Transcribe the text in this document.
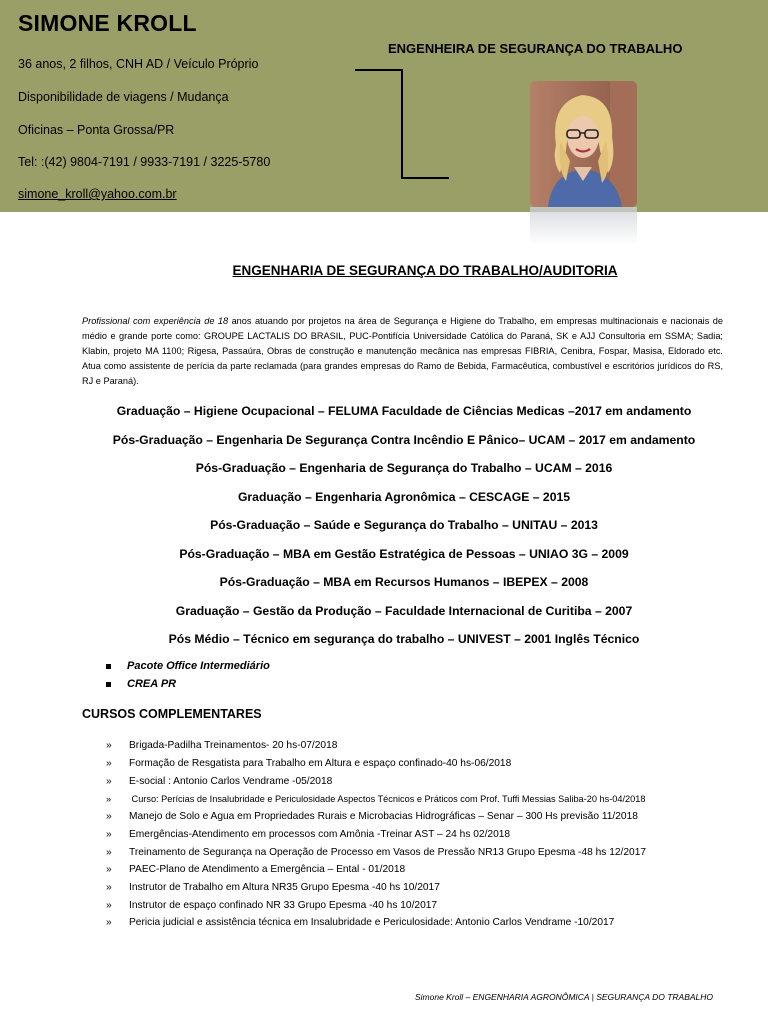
SIMONE KROLL
36 anos, 2 filhos, CNH AD / Veículo Próprio
Disponibilidade de viagens / Mudança
Oficinas – Ponta Grossa/PR
Tel: :(42) 9804-7191 / 9933-7191 / 3225-5780
simone_kroll@yahoo.com.br
ENGENHEIRA DE SEGURANÇA DO TRABALHO
ENGENHARIA DE SEGURANÇA DO TRABALHO/AUDITORIA
Profissional com experiência de 18 anos atuando por projetos na área de Segurança e Higiene do Trabalho, em empresas multinacionais e nacionais de médio e grande porte como: GROUPE LACTALIS DO BRASIL, PUC-Pontifícia Universidade Católica do Paraná, SK e AJJ Consultoria em SSMA; Sadia; Klabin, projeto MA 1100; Rigesa, Passaúra, Obras de construção e manutenção mecânica nas empresas FIBRIA, Cenibra, Fospar, Masisa, Eldorado etc. Atua como assistente de perícia da parte reclamada (para grandes empresas do Ramo de Bebida, Farmacêutica, combustível e escritórios jurídicos do RS, RJ e Paraná).
Graduação – Higiene Ocupacional – FELUMA Faculdade de Ciências Medicas –2017 em andamento
Pós-Graduação – Engenharia De Segurança Contra Incêndio E Pânico– UCAM – 2017 em andamento
Pós-Graduação – Engenharia de Segurança do Trabalho – UCAM – 2016
Graduação – Engenharia Agronômica – CESCAGE – 2015
Pós-Graduação – Saúde e Segurança do Trabalho – UNITAU – 2013
Pós-Graduação – MBA em Gestão Estratégica de Pessoas – UNIAO 3G – 2009
Pós-Graduação – MBA em Recursos Humanos – IBEPEX – 2008
Graduação – Gestão da Produção – Faculdade Internacional de Curitiba – 2007
Pós Médio – Técnico em segurança do trabalho – UNIVEST – 2001 Inglês Técnico
Pacote Office Intermediário
CREA PR
CURSOS COMPLEMENTARES
» Brigada-Padilha Treinamentos- 20 hs-07/2018
» Formação de Resgatista para Trabalho em Altura e espaço confinado-40 hs-06/2018
» E-social : Antonio Carlos Vendrame -05/2018
» Curso: Perícias de Insalubridade e Periculosidade Aspectos Técnicos e Práticos com Prof. Tuffi Messias Saliba-20 hs-04/2018
» Manejo de Solo e Agua em Propriedades Rurais e Microbacias Hidrográficas – Senar – 300 Hs previsão 11/2018
» Emergências-Atendimento em processos com Amônia -Treinar AST – 24 hs 02/2018
» Treinamento de Segurança na Operação de Processo em Vasos de Pressão NR13 Grupo Epesma -48 hs 12/2017
» PAEC-Plano de Atendimento a Emergência – Ental - 01/2018
» Instrutor de Trabalho em Altura NR35 Grupo Epesma -40 hs 10/2017
» Instrutor de espaço confinado NR 33 Grupo Epesma -40 hs 10/2017
» Pericia judicial e assistência técnica em Insalubridade e Periculosidade: Antonio Carlos Vendrame -10/2017
Simone Kroll – ENGENHARIA AGRONÔMICA | SEGURANÇA DO TRABALHO
